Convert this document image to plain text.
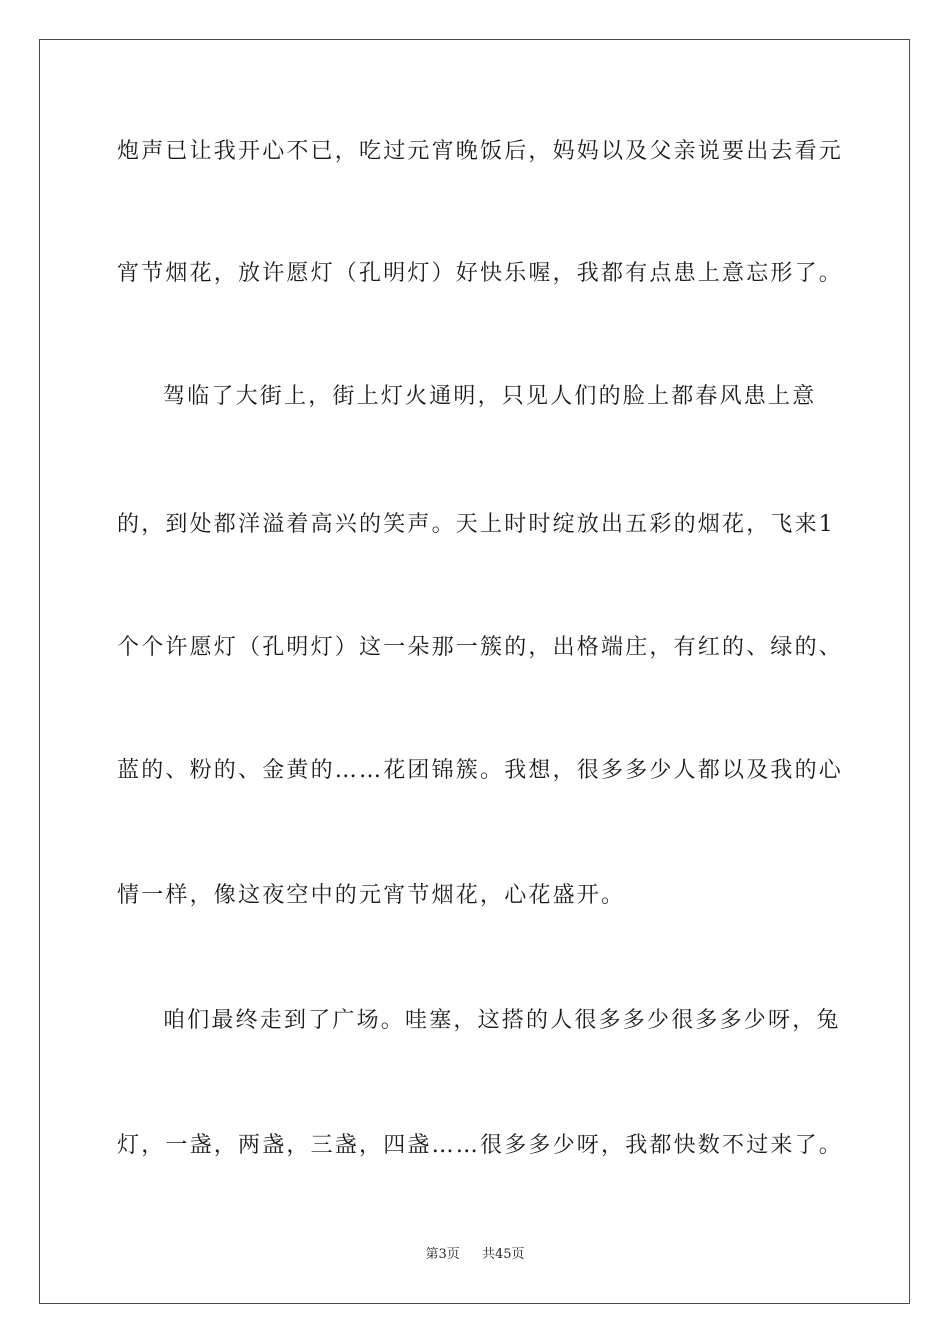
炮声已让我开心不已，吃过元宵晚饭后，妈妈以及父亲说要出去看元
宵节烟花，放许愿灯（孔明灯）好快乐喔，我都有点患上意忘形了。
驾临了大街上，街上灯火通明，只见人们的脸上都春风患上意
的，到处都洋溢着高兴的笑声。天上时时绽放出五彩的烟花，飞来1
个个许愿灯（孔明灯）这一朵那一簇的，出格端庄，有红的、绿的、
蓝的、粉的、金黄的……花团锦簇。我想，很多多少人都以及我的心
情一样，像这夜空中的元宵节烟花，心花盛开。
咱们最终走到了广场。哇塞，这搭的人很多多少很多多少呀，兔
灯，一盏，两盏，三盏，四盏……很多多少呀，我都快数不过来了。
第3页 共45页
